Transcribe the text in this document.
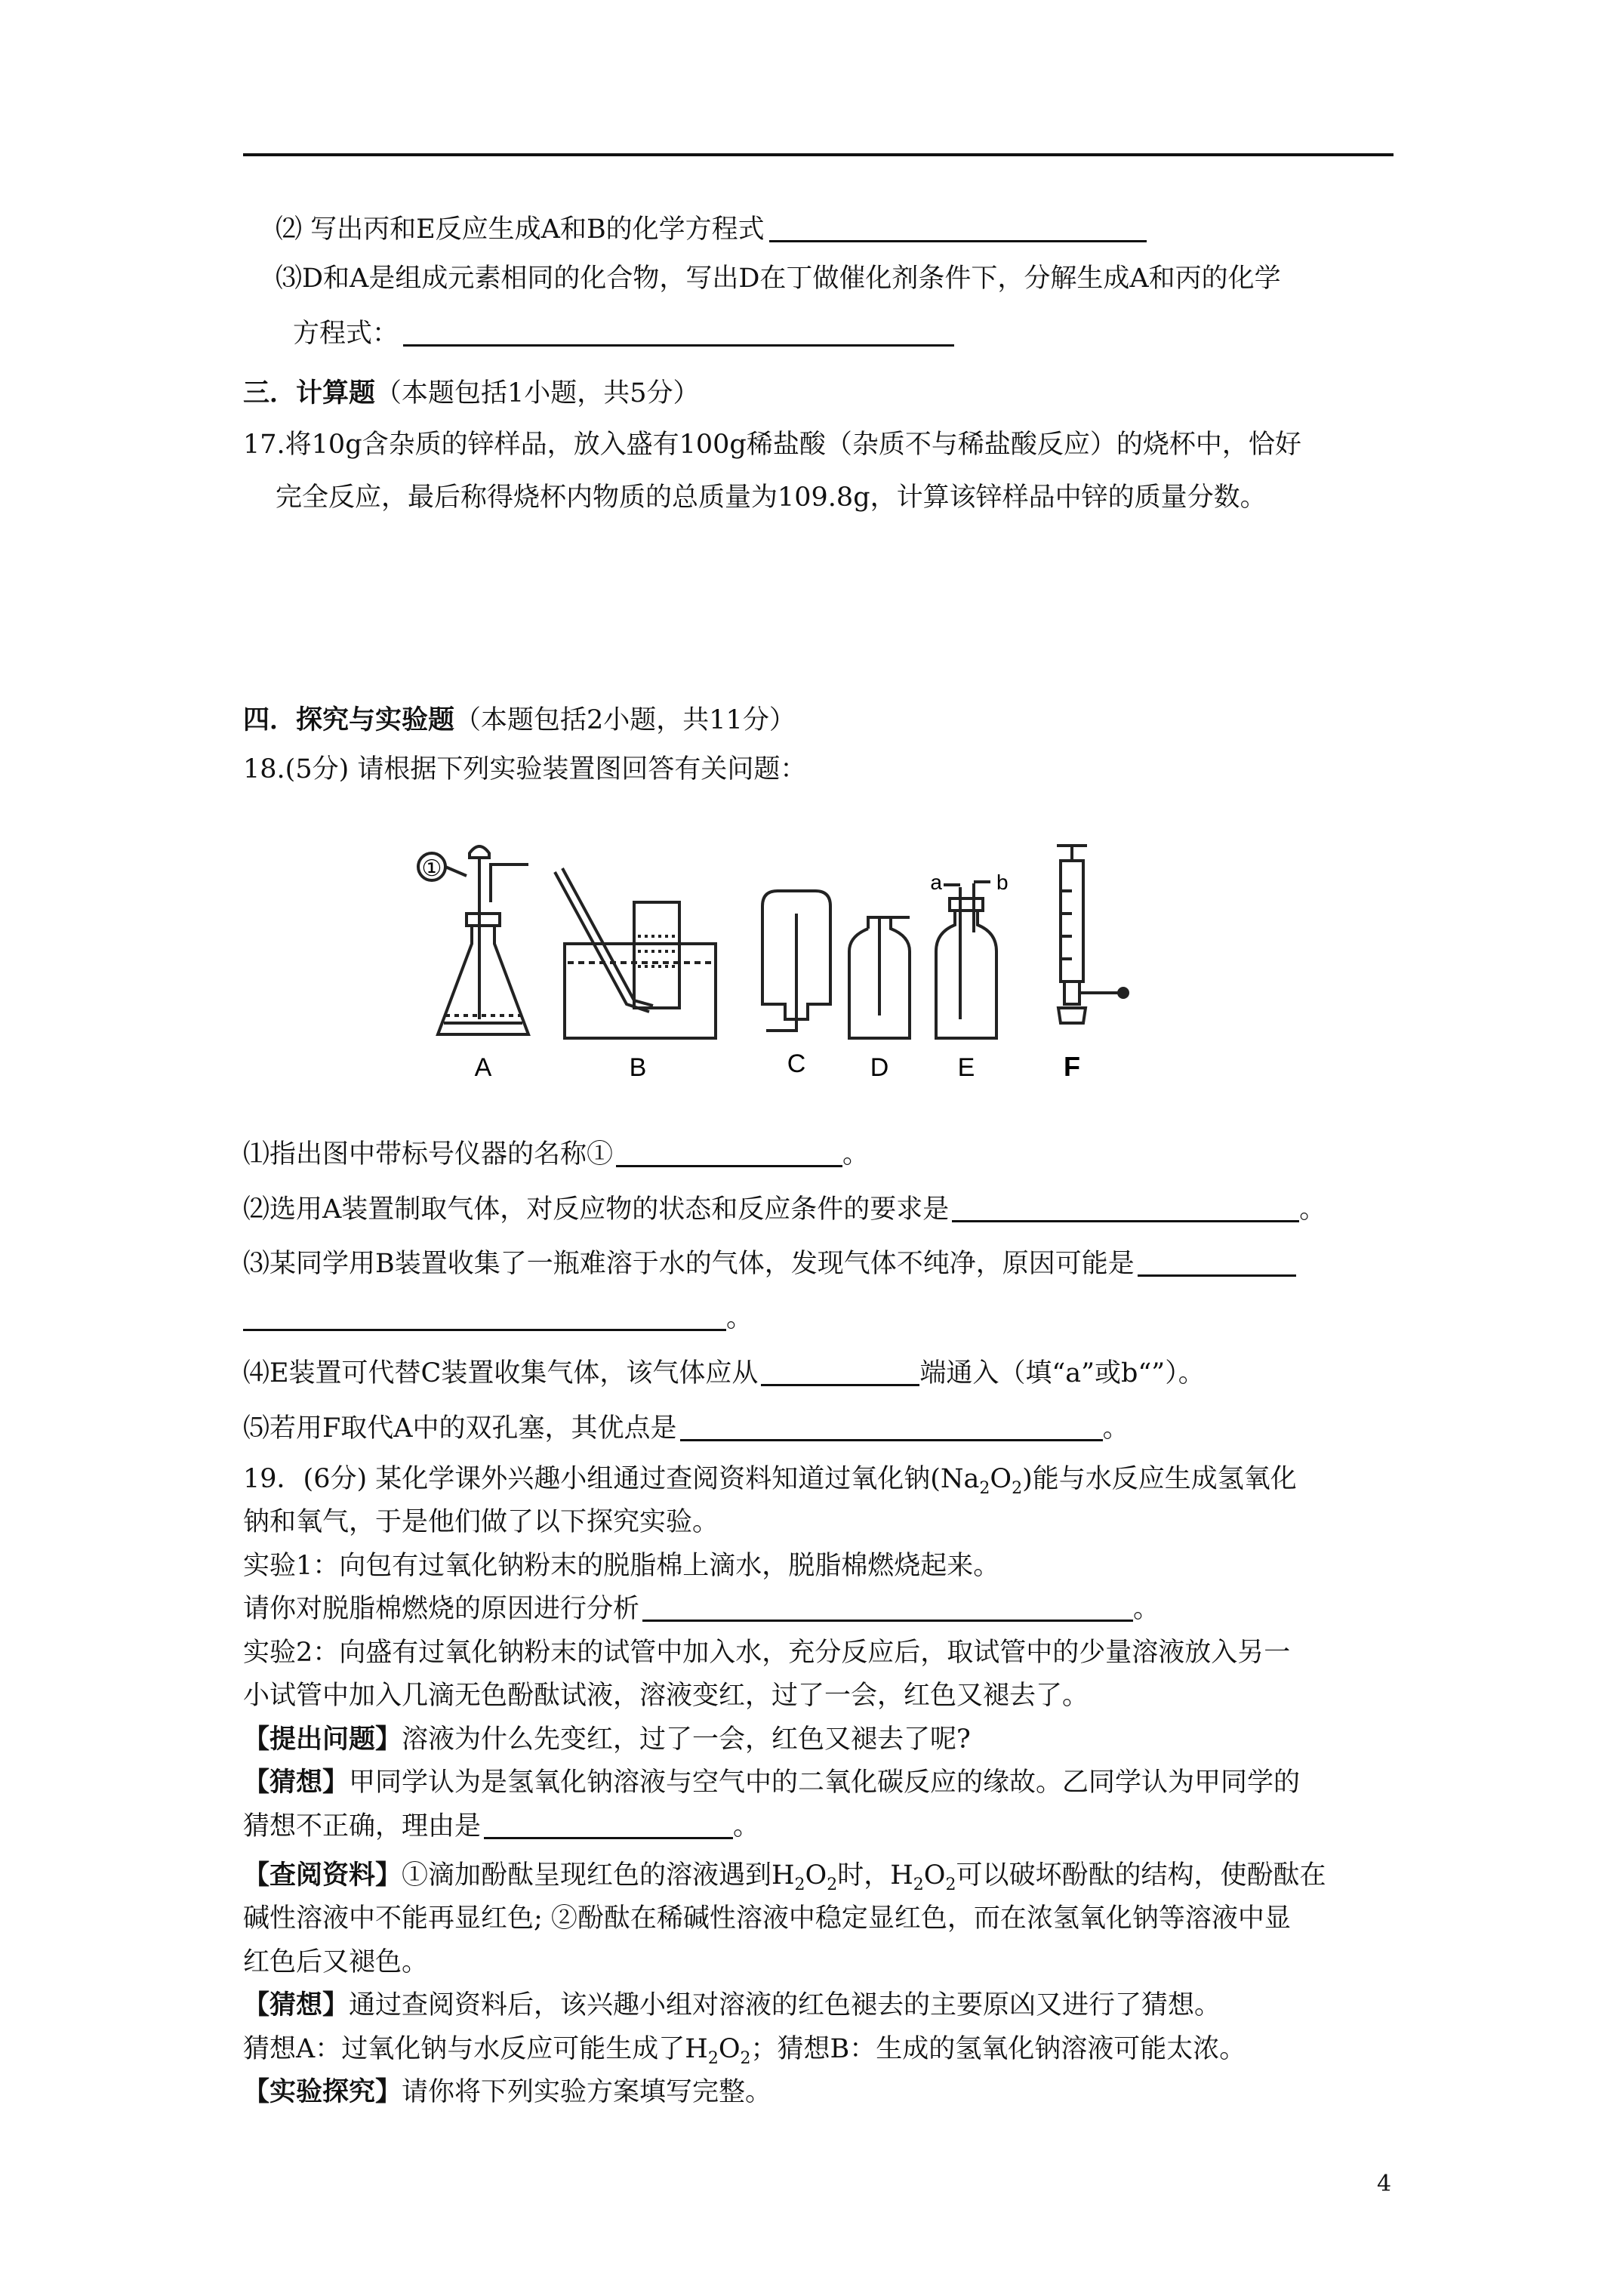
⑵ 写出丙和E反应生成A和B的化学方程式
⑶D和A是组成元素相同的化合物，写出D在丁做催化剂条件下，分解生成A和丙的化学
方程式：
三．计算题（本题包括1小题，共5分）
17.将10g含杂质的锌样品，放入盛有100g稀盐酸（杂质不与稀盐酸反应）的烧杯中，恰好
完全反应，最后称得烧杯内物质的总质量为109.8g，计算该锌样品中锌的质量分数。
四．探究与实验题（本题包括2小题，共11分）
18.(5分) 请根据下列实验装置图回答有关问题：
①
a	b
A	B	C	D	E	F
⑴指出图中带标号仪器的名称①	。
⑵选用A装置制取气体，对反应物的状态和反应条件的要求是	。
⑶某同学用B装置收集了一瓶难溶于水的气体，发现气体不纯净，原因可能是
。
⑷E装置可代替C装置收集气体，该气体应从	端通入（填“a”或b“”）。
⑸若用F取代A中的双孔塞，其优点是	。
19．(6分) 某化学课外兴趣小组通过查阅资料知道过氧化钠$(Na_2O_2)$能与水反应生成氢氧化
钠和氧气，于是他们做了以下探究实验。
实验1：向包有过氧化钠粉末的脱脂棉上滴水，脱脂棉燃烧起来。
请你对脱脂棉燃烧的原因进行分析	。
实验2：向盛有过氧化钠粉末的试管中加入水，充分反应后，取试管中的少量溶液放入另一
小试管中加入几滴无色酚酞试液，溶液变红，过了一会，红色又褪去了。
【提出问题】溶液为什么先变红，过了一会，红色又褪去了呢?
【猜想】甲同学认为是氢氧化钠溶液与空气中的二氧化碳反应的缘故。乙同学认为甲同学的
猜想不正确，理由是	。
【查阅资料】①滴加酚酞呈现红色的溶液遇到$H_2O_2$时，$H_2O_2$可以破坏酚酞的结构，使酚酞在
碱性溶液中不能再显红色; ②酚酞在稀碱性溶液中稳定显红色，而在浓氢氧化钠等溶液中显
红色后又褪色。
【猜想】通过查阅资料后，该兴趣小组对溶液的红色褪去的主要原凶又进行了猜想。
猜想A：过氧化钠与水反应可能生成了$H_2O_2$；猜想B：生成的氢氧化钠溶液可能太浓。
【实验探究】请你将下列实验方案填写完整。
4
